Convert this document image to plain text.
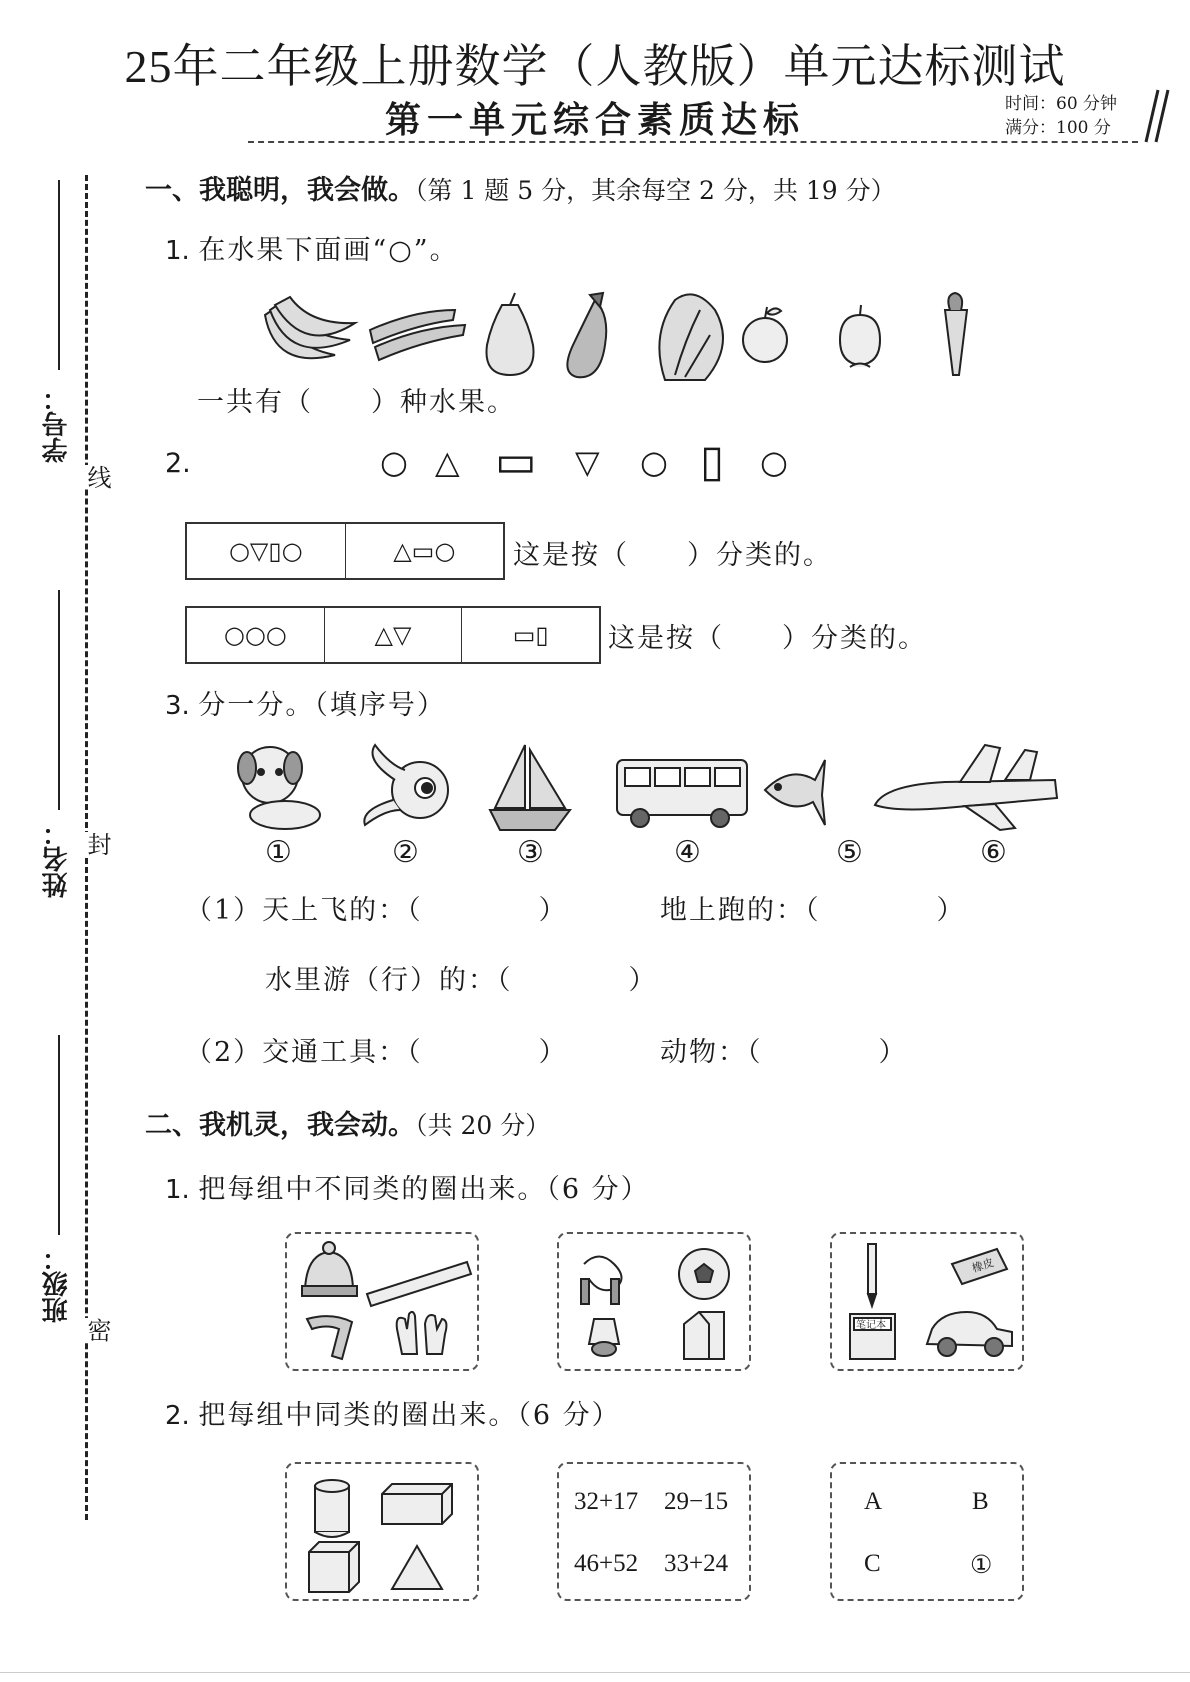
25年二年级上册数学（人教版）单元达标测试
第一单元综合素质达标	时间：60 分钟
满分：100 分
学号：
姓名：
班级：
线
封
密
一、我聪明，我会做。（第 1 题 5 分，其余每空 2 分，共 19 分）
1. 在水果下面画“○”。
一共有（　　）种水果。
2.	○ △ ▭ ▽ ○ ▯ ○
○▽▯○	△▭○	这是按（　　）分类的。
○○○	△▽	▭▯	这是按（　　）分类的。
3. 分一分。（填序号）
①	②	③	④	⑤	⑥
（1）天上飞的：（　　　　）	地上跑的：（　　　　）
水里游（行）的：（　　　　）
（2）交通工具：（　　　　）	动物：（　　　　）
二、我机灵，我会动。（共 20 分）
1. 把每组中不同类的圈出来。（6 分）
橡皮
笔记本
2. 把每组中同类的圈出来。（6 分）
32+17 29−15
46+52 33+24
A	B
C	①
